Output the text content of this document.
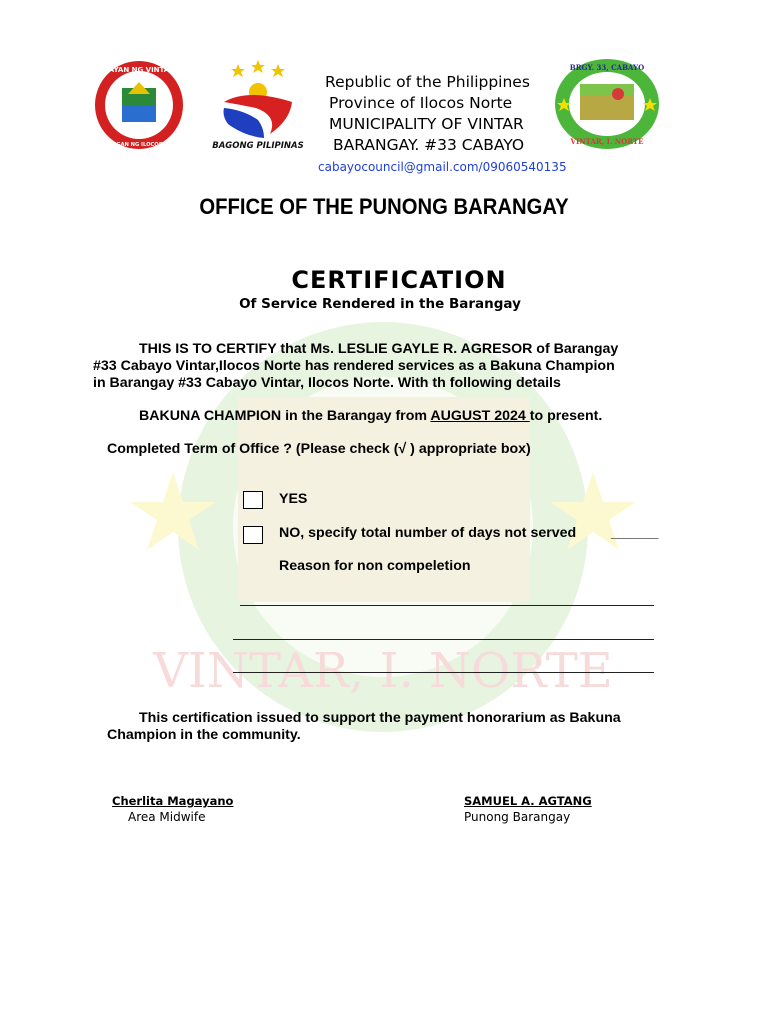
VINTAR, I. NORTE
BAYAN NG VINTAR
LALAWIGAN NG ILOCOS NORTE	BAGONG PILIPINAS
BRGY. 33, CABAYO
VINTAR, I. NORTE
Republic of the Philippines
Province of Ilocos Norte
MUNICIPALITY OF VINTAR
BARANGAY. #33 CABAYO
cabayocouncil@gmail.com/09060540135
OFFICE OF THE PUNONG BARANGAY
CERTIFICATION
Of Service Rendered in the Barangay
THIS IS TO CERTIFY that Ms. LESLIE GAYLE R. AGRESOR of Barangay
#33 Cabayo Vintar,Ilocos Norte has rendered services as a Bakuna Champion
in Barangay #33 Cabayo Vintar, Ilocos Norte. With th following details
BAKUNA CHAMPION in the Barangay from AUGUST 2024 to present.
Completed Term of Office ? (Please check (√ ) appropriate box)
YES
NO, specify total number of days not served	______
Reason for non compeletion
This certification issued to support the payment honorarium as Bakuna
Champion in the community.
Cherlita Magayano
Area Midwife
SAMUEL A. AGTANG
Punong Barangay
